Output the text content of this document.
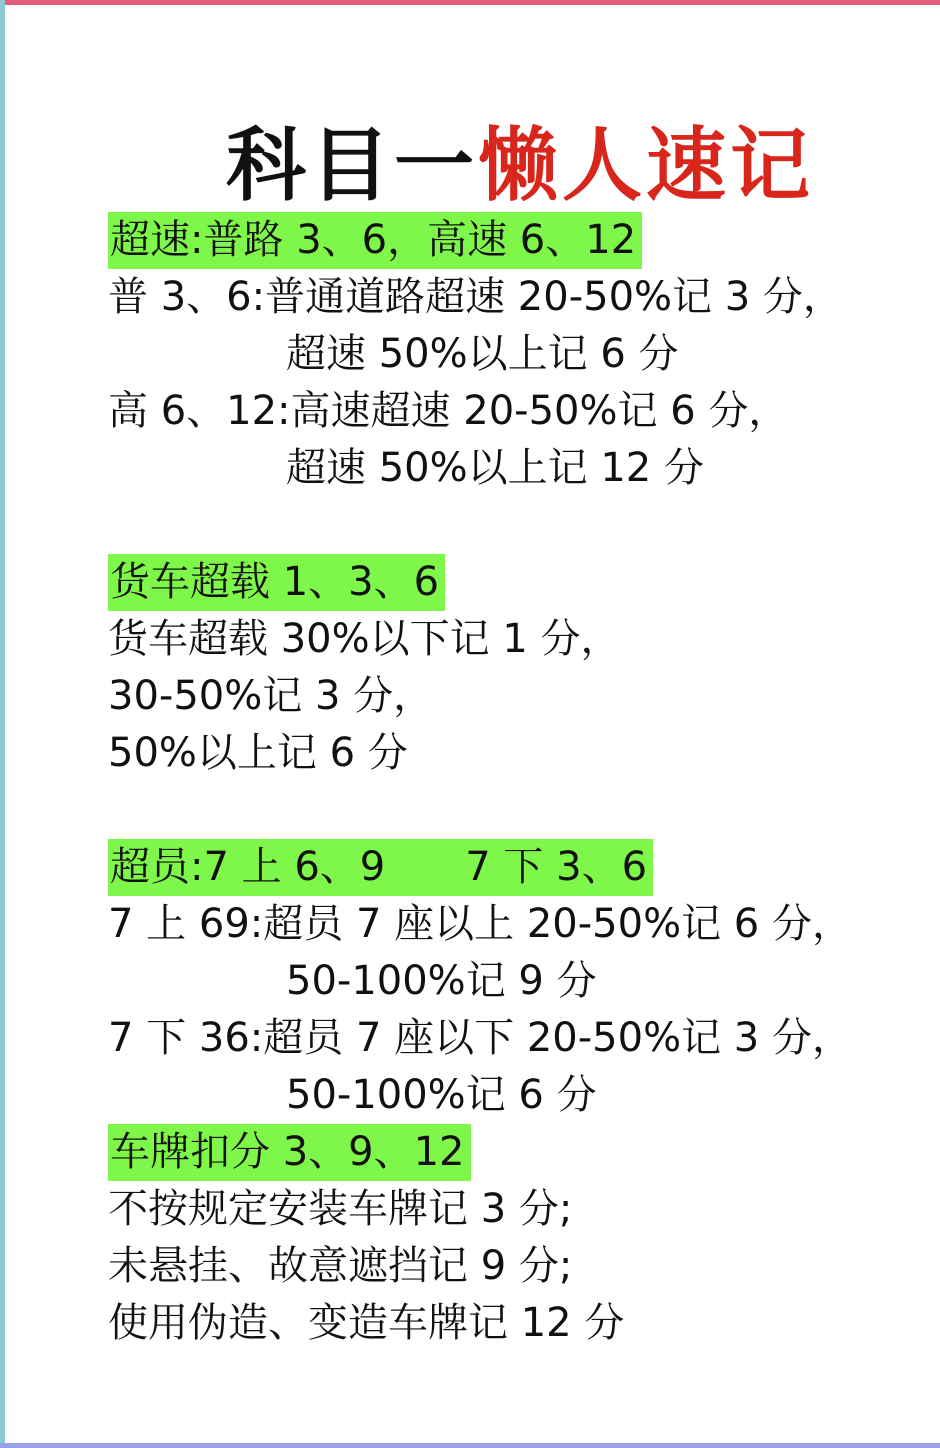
科目一懒人速记
超速:普路 3、6，高速 6、12
普 3、6:普通道路超速 20-50%记 3 分，
超速 50%以上记 6 分
高 6、12:高速超速 20-50%记 6 分，
超速 50%以上记 12 分
货车超载 1、3、6
货车超载 30%以下记 1 分，
30-50%记 3 分，
50%以上记 6 分
超员:7 上 6、9　　7 下 3、6
7 上 69:超员 7 座以上 20-50%记 6 分，
50-100%记 9 分
7 下 36:超员 7 座以下 20-50%记 3 分，
50-100%记 6 分
车牌扣分 3、9、12
不按规定安装车牌记 3 分;
未悬挂、故意遮挡记 9 分;
使用伪造、变造车牌记 12 分
